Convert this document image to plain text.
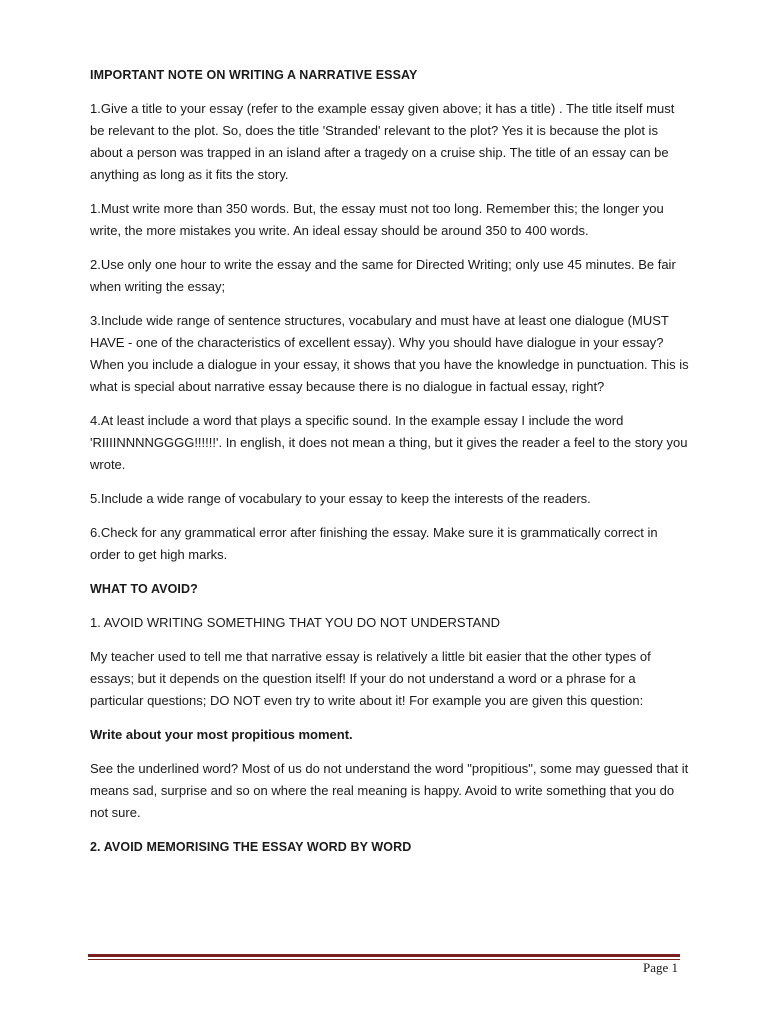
IMPORTANT NOTE ON WRITING A NARRATIVE ESSAY

1.Give a title to your essay (refer to the example essay given above; it has a title) . The title itself must be relevant to the plot. So, does the title 'Stranded' relevant to the plot? Yes it is because the plot is about a person was trapped in an island after a tragedy on a cruise ship. The title of an essay can be anything as long as it fits the story.

1.Must write more than 350 words. But, the essay must not too long. Remember this; the longer you write, the more mistakes you write. An ideal essay should be around 350 to 400 words.

2.Use only one hour to write the essay and the same for Directed Writing; only use 45 minutes. Be fair when writing the essay;

3.Include wide range of sentence structures, vocabulary and must have at least one dialogue (MUST HAVE - one of the characteristics of excellent essay). Why you should have dialogue in your essay? When you include a dialogue in your essay, it shows that you have the knowledge in punctuation. This is what is special about narrative essay because there is no dialogue in factual essay, right?

4.At least include a word that plays a specific sound. In the example essay I include the word 'RIIIINNNNGGGG!!!!!!'. In english, it does not mean a thing, but it gives the reader a feel to the story you wrote.

5.Include a wide range of vocabulary to your essay to keep the interests of the readers.

6.Check for any grammatical error after finishing the essay. Make sure it is grammatically correct in order to get high marks.

WHAT TO AVOID?

1. AVOID WRITING SOMETHING THAT YOU DO NOT UNDERSTAND

My teacher used to tell me that narrative essay is relatively a little bit easier that the other types of essays; but it depends on the question itself! If your do not understand a word or a phrase for a particular questions; DO NOT even try to write about it! For example you are given this question:

Write about your most propitious moment.

See the underlined word? Most of us do not understand the word "propitious", some may guessed that it means sad, surprise and so on where the real meaning is happy. Avoid to write something that you do not sure.

2. AVOID MEMORISING THE ESSAY WORD BY WORD

Page 1
